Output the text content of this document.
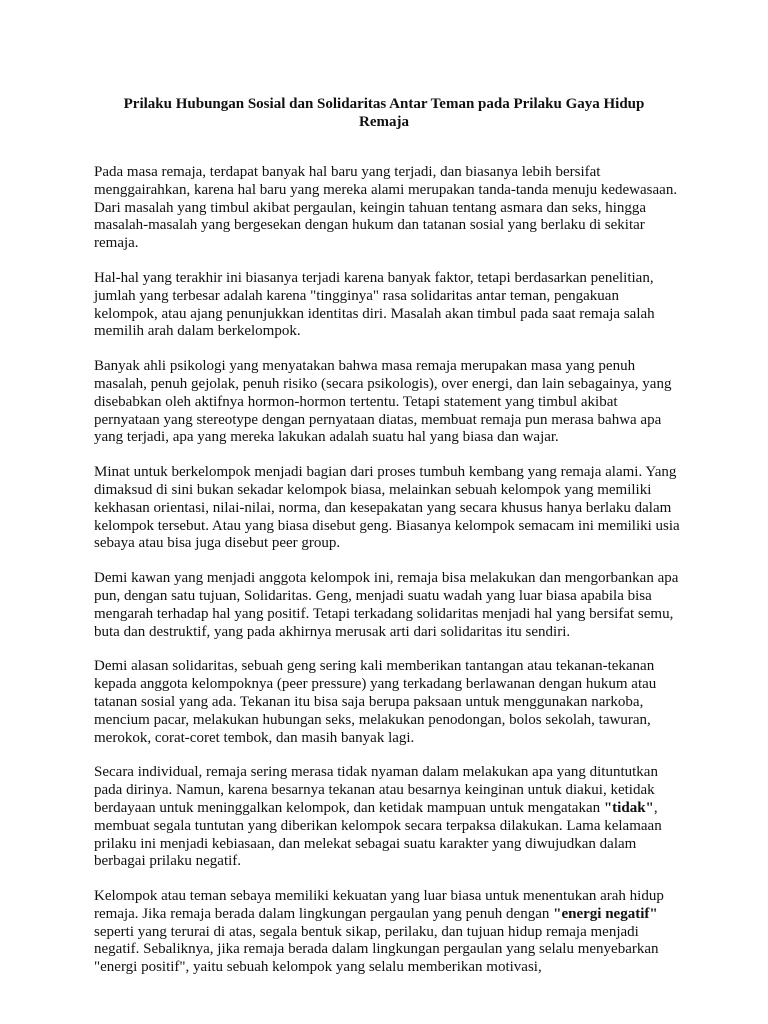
Prilaku Hubungan Sosial dan Solidaritas Antar Teman pada Prilaku Gaya Hidup Remaja

Pada masa remaja, terdapat banyak hal baru yang terjadi, dan biasanya lebih bersifat menggairahkan, karena hal baru yang mereka alami merupakan tanda-tanda menuju kedewasaan. Dari masalah yang timbul akibat pergaulan, keingin tahuan tentang asmara dan seks, hingga masalah-masalah yang bergesekan dengan hukum dan tatanan sosial yang berlaku di sekitar remaja.

Hal-hal yang terakhir ini biasanya terjadi karena banyak faktor, tetapi berdasarkan penelitian, jumlah yang terbesar adalah karena "tingginya" rasa solidaritas antar teman, pengakuan kelompok, atau ajang penunjukkan identitas diri. Masalah akan timbul pada saat remaja salah memilih arah dalam berkelompok.

Banyak ahli psikologi yang menyatakan bahwa masa remaja merupakan masa yang penuh masalah, penuh gejolak, penuh risiko (secara psikologis), over energi, dan lain sebagainya, yang disebabkan oleh aktifnya hormon-hormon tertentu. Tetapi statement yang timbul akibat pernyataan yang stereotype dengan pernyataan diatas, membuat remaja pun merasa bahwa apa yang terjadi, apa yang mereka lakukan adalah suatu hal yang biasa dan wajar.

Minat untuk berkelompok menjadi bagian dari proses tumbuh kembang yang remaja alami. Yang dimaksud di sini bukan sekadar kelompok biasa, melainkan sebuah kelompok yang memiliki kekhasan orientasi, nilai-nilai, norma, dan kesepakatan yang secara khusus hanya berlaku dalam kelompok tersebut. Atau yang biasa disebut geng. Biasanya kelompok semacam ini memiliki usia sebaya atau bisa juga disebut peer group.

Demi kawan yang menjadi anggota kelompok ini, remaja bisa melakukan dan mengorbankan apa pun, dengan satu tujuan, Solidaritas. Geng, menjadi suatu wadah yang luar biasa apabila bisa mengarah terhadap hal yang positif. Tetapi terkadang solidaritas menjadi hal yang bersifat semu, buta dan destruktif, yang pada akhirnya merusak arti dari solidaritas itu sendiri.

Demi alasan solidaritas, sebuah geng sering kali memberikan tantangan atau tekanan-tekanan kepada anggota kelompoknya (peer pressure) yang terkadang berlawanan dengan hukum atau tatanan sosial yang ada. Tekanan itu bisa saja berupa paksaan untuk menggunakan narkoba, mencium pacar, melakukan hubungan seks, melakukan penodongan, bolos sekolah, tawuran, merokok, corat-coret tembok, dan masih banyak lagi.

Secara individual, remaja sering merasa tidak nyaman dalam melakukan apa yang dituntutkan pada dirinya. Namun, karena besarnya tekanan atau besarnya keinginan untuk diakui, ketidak berdayaan untuk meninggalkan kelompok, dan ketidak mampuan untuk mengatakan "tidak", membuat segala tuntutan yang diberikan kelompok secara terpaksa dilakukan. Lama kelamaan prilaku ini menjadi kebiasaan, dan melekat sebagai suatu karakter yang diwujudkan dalam berbagai prilaku negatif.

Kelompok atau teman sebaya memiliki kekuatan yang luar biasa untuk menentukan arah hidup remaja. Jika remaja berada dalam lingkungan pergaulan yang penuh dengan "energi negatif" seperti yang terurai di atas, segala bentuk sikap, perilaku, dan tujuan hidup remaja menjadi negatif. Sebaliknya, jika remaja berada dalam lingkungan pergaulan yang selalu menyebarkan "energi positif", yaitu sebuah kelompok yang selalu memberikan motivasi,
